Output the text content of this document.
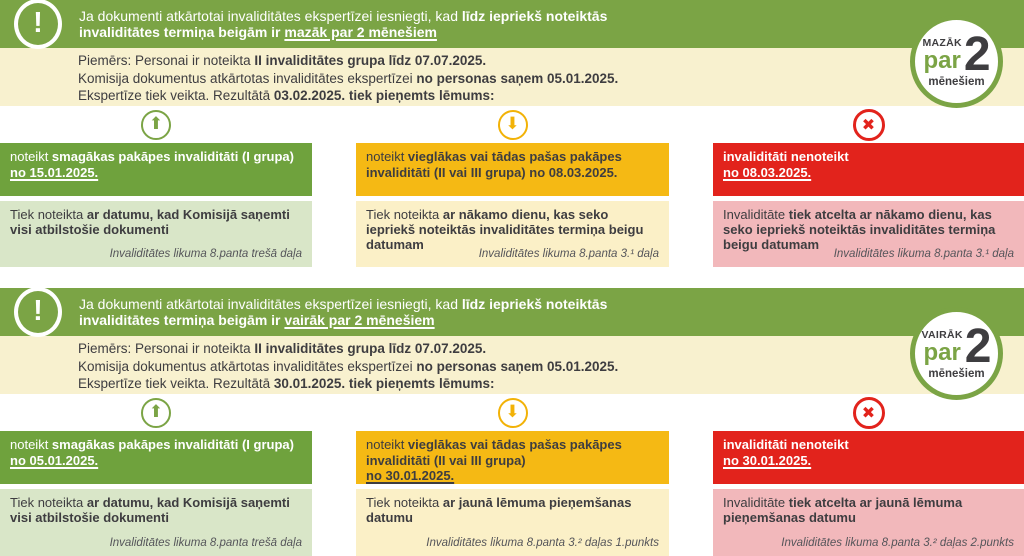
!	Ja dokumenti atkārtotai invaliditātes ekspertīzei iesniegti, kad līdz iepriekš noteiktās
invaliditātes termiņa beigām ir mazāk par 2 mēnešiem
MAZĀK
par 2
mēnešiem
Piemērs: Personai ir noteikta II invaliditātes grupa līdz 07.07.2025.
Komisija dokumentus atkārtotas invaliditātes ekspertīzei no personas saņem 05.01.2025.
Ekspertīze tiek veikta. Rezultātā 03.02.2025. tiek pieņemts lēmums:
⬆	⬇	✖
noteikt smagākas pakāpes invaliditāti (I grupa) no 15.01.2025.
Tiek noteikta ar datumu, kad Komisijā saņemti visi atbilstošie dokumenti
Invaliditātes likuma 8.panta trešā daļa
noteikt vieglākas vai tādas pašas pakāpes invaliditāti (II vai III grupa) no 08.03.2025.
Tiek noteikta ar nākamo dienu, kas seko iepriekš noteiktās invaliditātes termiņa beigu datumam
Invaliditātes likuma 8.panta 3.¹ daļa
invaliditāti nenoteikt
no 08.03.2025.
Invaliditāte tiek atcelta ar nākamo dienu, kas seko iepriekš noteiktās invaliditātes termiņa beigu datumam
Invaliditātes likuma 8.panta 3.¹ daļa
!	Ja dokumenti atkārtotai invaliditātes ekspertīzei iesniegti, kad līdz iepriekš noteiktās
invaliditātes termiņa beigām ir vairāk par 2 mēnešiem
VAIRĀK
par 2
mēnešiem
Piemērs: Personai ir noteikta II invaliditātes grupa līdz 07.07.2025.
Komisija dokumentus atkārtotas invaliditātes ekspertīzei no personas saņem 05.01.2025.
Ekspertīze tiek veikta. Rezultātā 30.01.2025. tiek pieņemts lēmums:
⬆	⬇	✖
noteikt smagākas pakāpes invaliditāti (I grupa) no 05.01.2025.
Tiek noteikta ar datumu, kad Komisijā saņemti visi atbilstošie dokumenti
Invaliditātes likuma 8.panta trešā daļa
noteikt vieglākas vai tādas pašas pakāpes invaliditāti (II vai III grupa)
no 30.01.2025.
Tiek noteikta ar jaunā lēmuma pieņemšanas datumu
Invaliditātes likuma 8.panta 3.² daļas 1.punkts
invaliditāti nenoteikt
no 30.01.2025.
Invaliditāte tiek atcelta ar jaunā lēmuma pieņemšanas datumu
Invaliditātes likuma 8.panta 3.² daļas 2.punkts
